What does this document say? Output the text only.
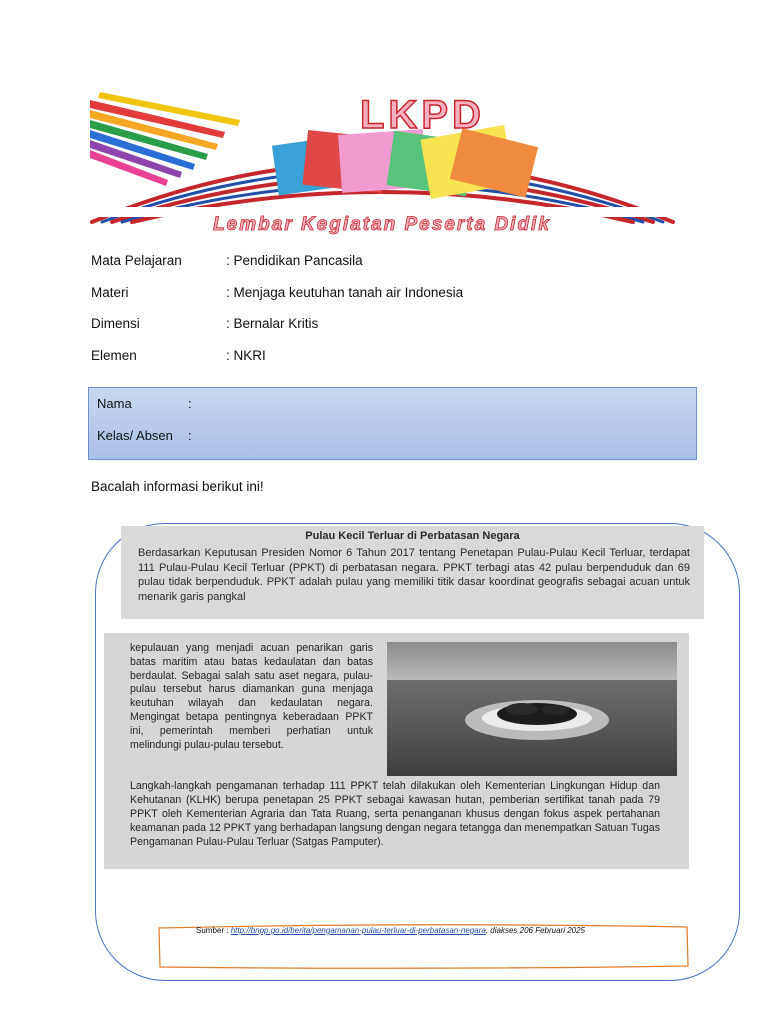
LKPD
Lembar Kegiatan Peserta Didik
Mata Pelajaran	: Pendidikan Pancasila
Materi	: Menjaga keutuhan tanah air Indonesia
Dimensi	: Bernalar Kritis
Elemen	: NKRI
Nama	:
Kelas/ Absen :
Bacalah informasi berikut ini!
Pulau Kecil Terluar di Perbatasan Negara
Berdasarkan Keputusan Presiden Nomor 6 Tahun 2017 tentang Penetapan Pulau-Pulau Kecil Terluar, terdapat 111 Pulau-Pulau Kecil Terluar (PPKT) di perbatasan negara. PPKT terbagi atas 42 pulau berpenduduk dan 69 pulau tidak berpenduduk. PPKT adalah pulau yang memiliki titik dasar koordinat geografis sebagai acuan untuk menarik garis pangkal
kepulauan yang menjadi acuan penarikan garis batas maritim atau batas kedaulatan dan batas berdaulat. Sebagai salah satu aset negara, pulau-pulau tersebut harus diamankan guna menjaga keutuhan wilayah dan kedaulatan negara. Mengingat betapa pentingnya keberadaan PPKT ini, pemerintah memberi perhatian untuk melindungi pulau-pulau tersebut.
Langkah-langkah pengamanan terhadap 111 PPKT telah dilakukan oleh Kementerian Lingkungan Hidup dan Kehutanan (KLHK) berupa penetapan 25 PPKT sebagai kawasan hutan, pemberian sertifikat tanah pada 79 PPKT oleh Kementerian Agraria dan Tata Ruang, serta penanganan khusus dengan fokus aspek pertahanan keamanan pada 12 PPKT yang berhadapan langsung dengan negara tetangga dan menempatkan Satuan Tugas Pengamanan Pulau-Pulau Terluar (Satgas Pamputer).
Sumber : http://bnpp.go.id/berita/pengamanan-pulau-terluar-di-perbatasan-negara, diakses 206 Februari 2025
